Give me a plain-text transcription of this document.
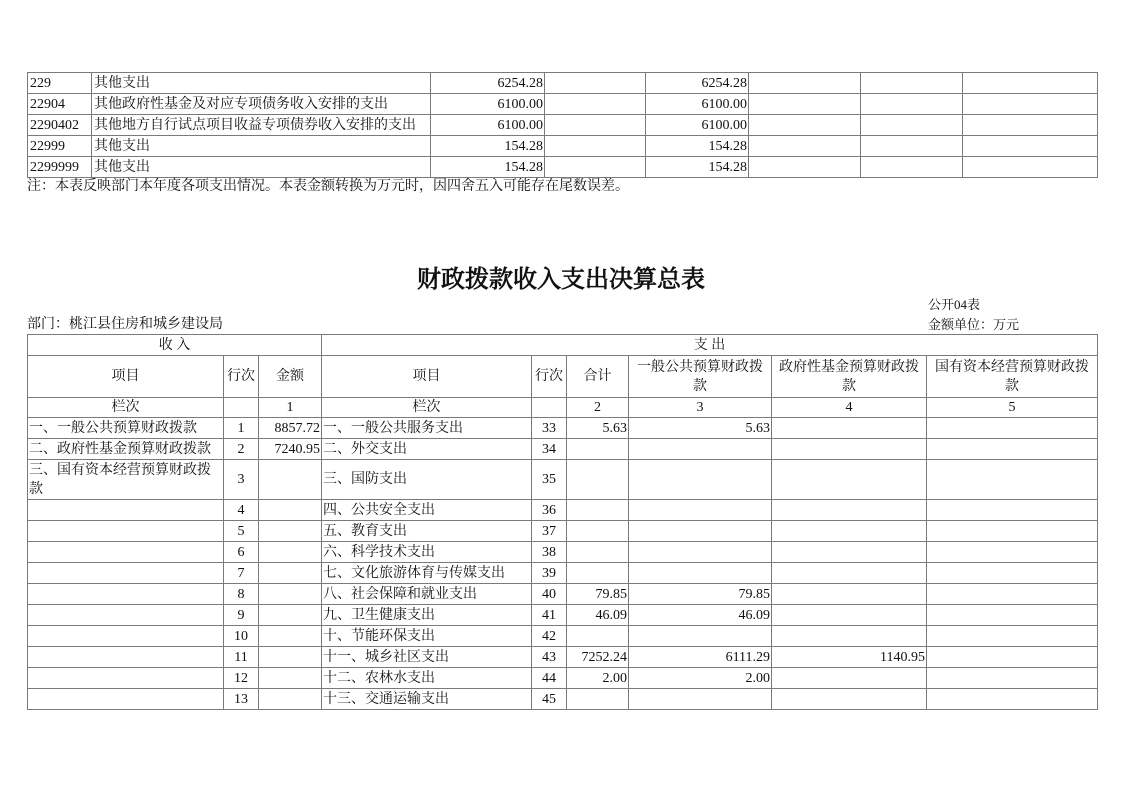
229	其他支出	6254.28		6254.28			
22904	其他政府性基金及对应专项债务收入安排的支出	6100.00		6100.00			
2290402	其他地方自行试点项目收益专项债券收入安排的支出	6100.00		6100.00			
22999	其他支出	154.28		154.28			
2299999	其他支出	154.28		154.28			
注：本表反映部门本年度各项支出情况。本表金额转换为万元时，因四舍五入可能存在尾数误差。
财政拨款收入支出决算总表
公开04表
部门：桃江县住房和城乡建设局	金额单位：万元
收 入			支 出					
项目	行次	金额	项目	行次	合计	一般公共预算财政拨款	政府性基金预算财政拨款	国有资本经营预算财政拨款
栏次		1	栏次		2	3	4	5
一、一般公共预算财政拨款	1	8857.72	一、一般公共服务支出	33	5.63	5.63		
二、政府性基金预算财政拨款	2	7240.95	二、外交支出	34				
三、国有资本经营预算财政拨款	3		三、国防支出	35				
	4		四、公共安全支出	36				
	5		五、教育支出	37				
	6		六、科学技术支出	38				
	7		七、文化旅游体育与传媒支出	39				
	8		八、社会保障和就业支出	40	79.85	79.85		
	9		九、卫生健康支出	41	46.09	46.09		
	10		十、节能环保支出	42				
	11		十一、城乡社区支出	43	7252.24	6111.29	1140.95	
	12		十二、农林水支出	44	2.00	2.00		
	13		十三、交通运输支出	45				
